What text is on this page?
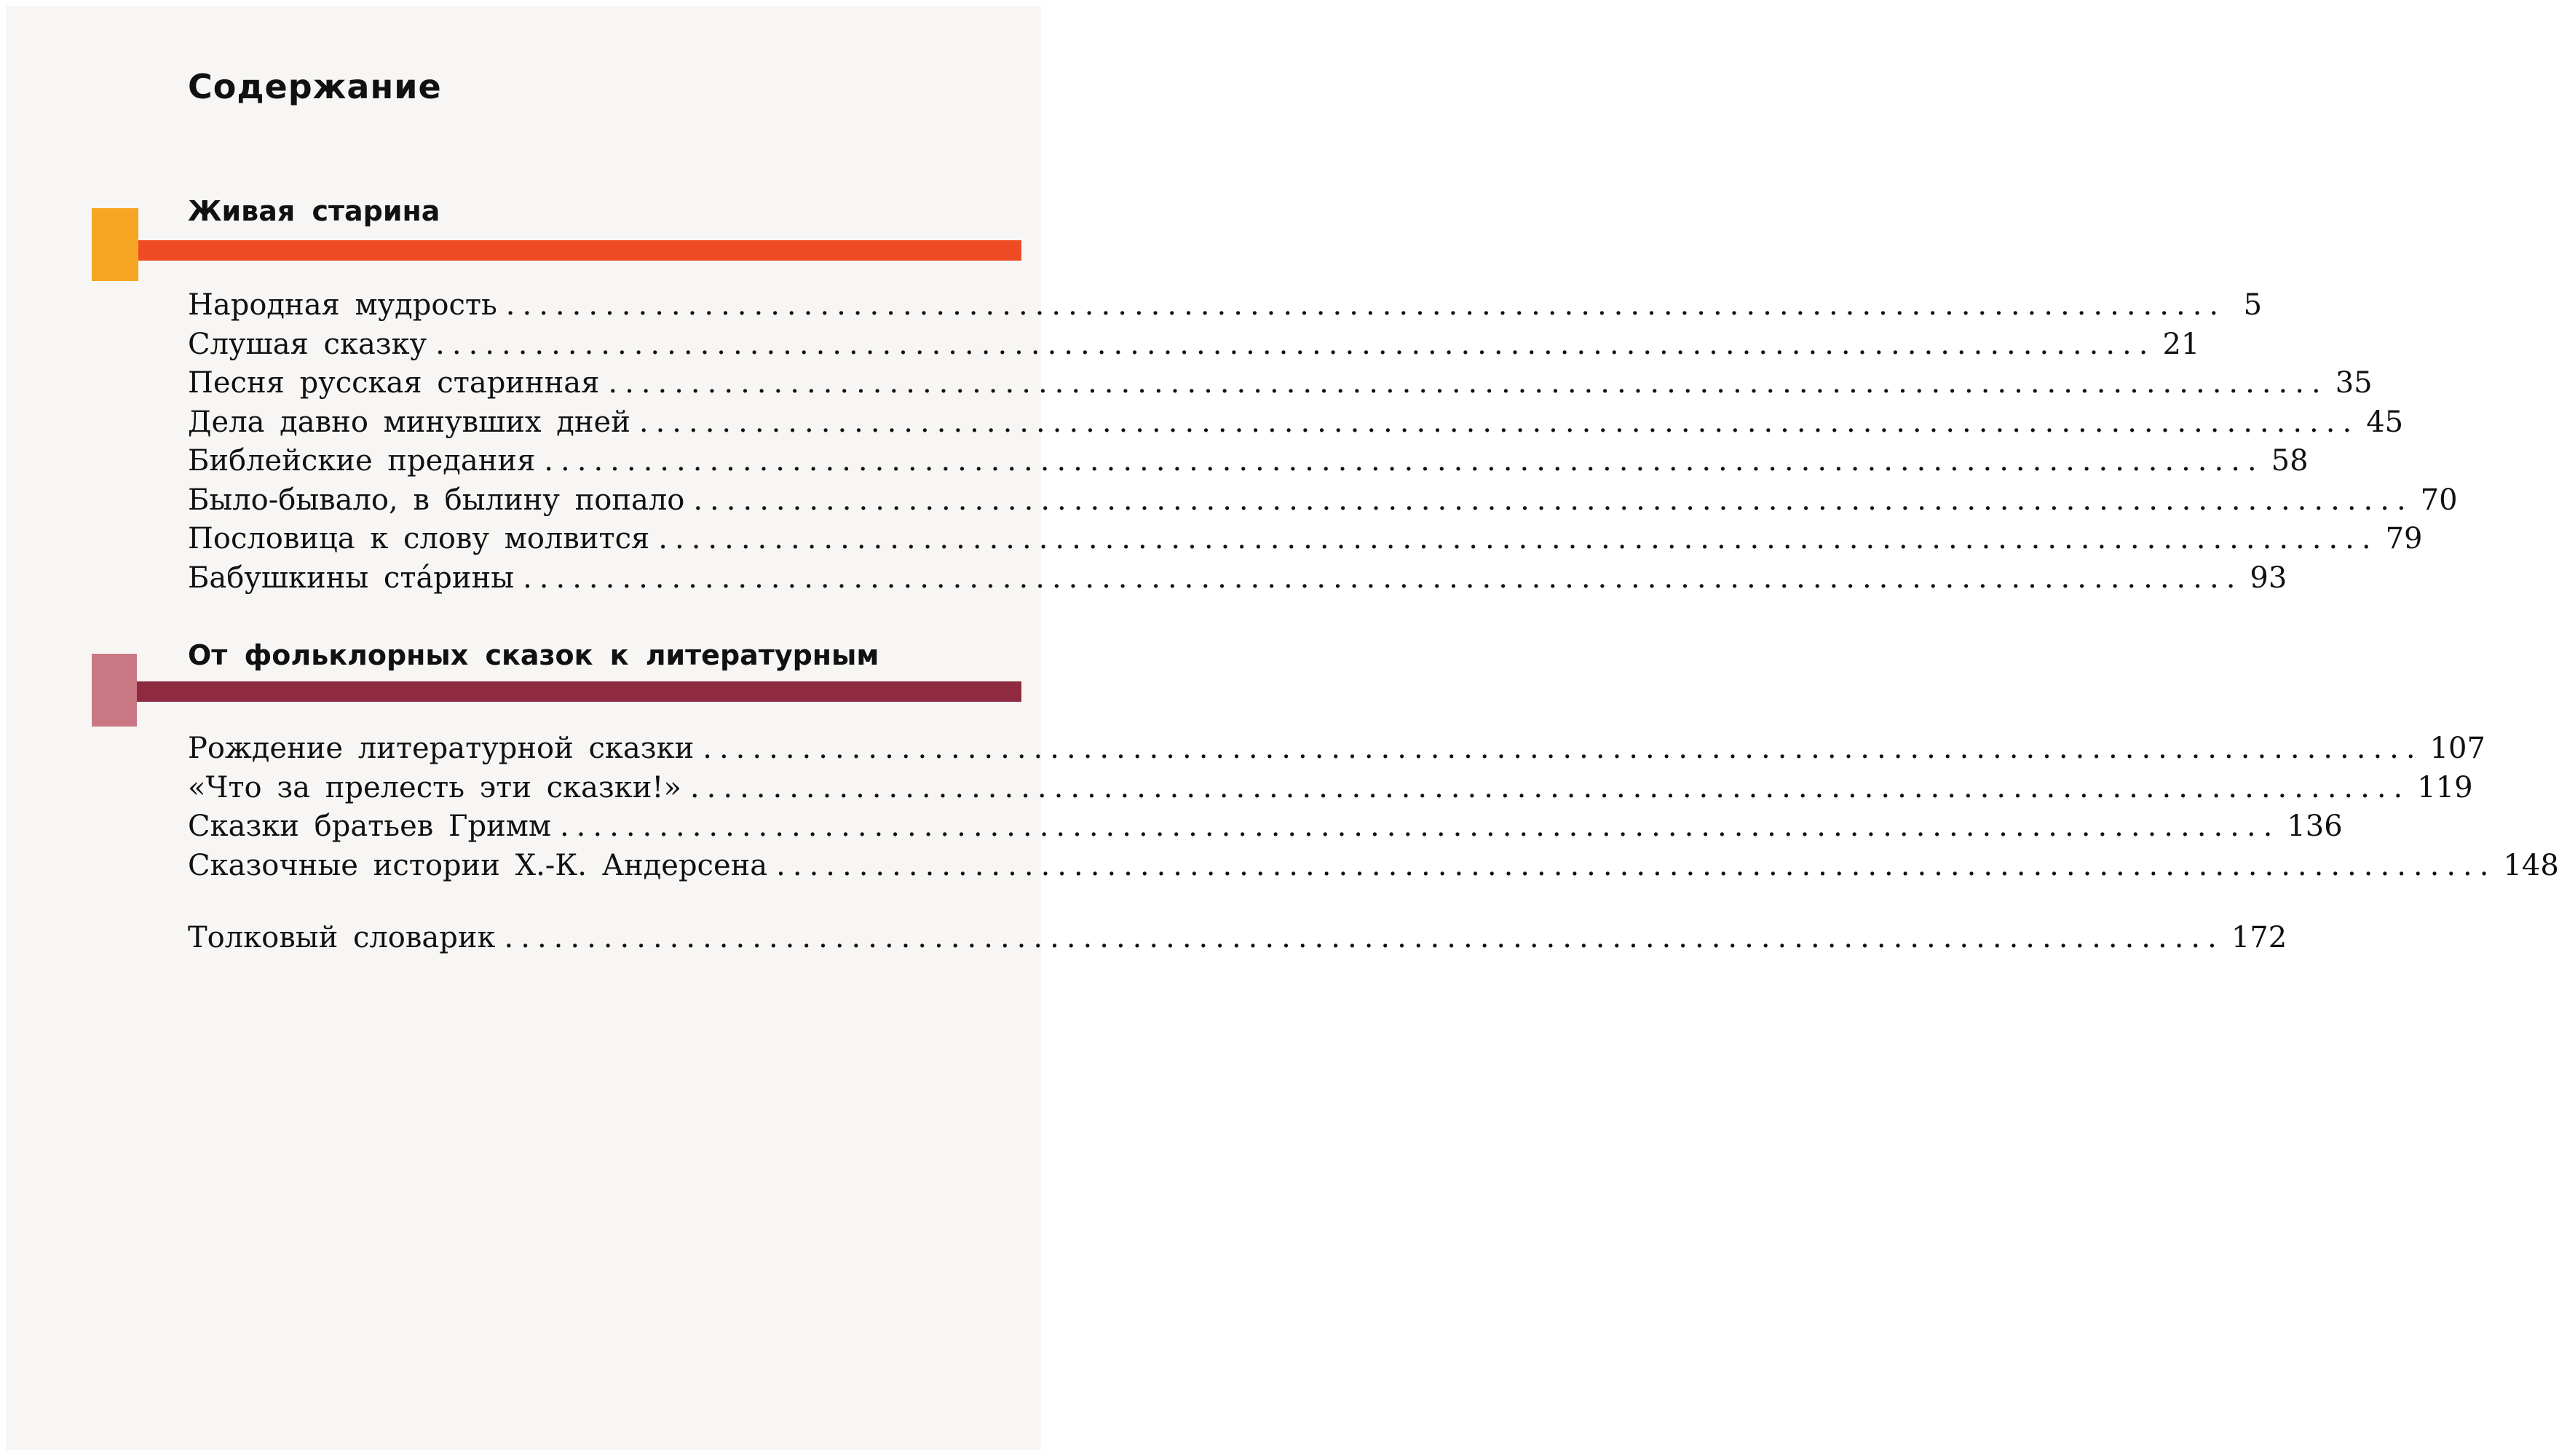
Содержание
Живая старина
Народная мудрость ........................................................................................................ 5
Слушая сказку ........................................................................................................ 21
Песня русская старинная ........................................................................................................ 35
Дела давно минувших дней ........................................................................................................ 45
Библейские предания ........................................................................................................ 58
Было-бывало, в былину попало ........................................................................................................ 70
Пословица к слову молвится ........................................................................................................ 79
Бабушкины ста́рины ........................................................................................................ 93
От фольклорных сказок к литературным
Рождение литературной сказки ........................................................................................................ 107
«Что за прелесть эти сказки!» ........................................................................................................ 119
Сказки братьев Гримм ........................................................................................................ 136
Сказочные истории Х.-К. Андерсена ........................................................................................................ 148
Толковый словарик ........................................................................................................ 172
